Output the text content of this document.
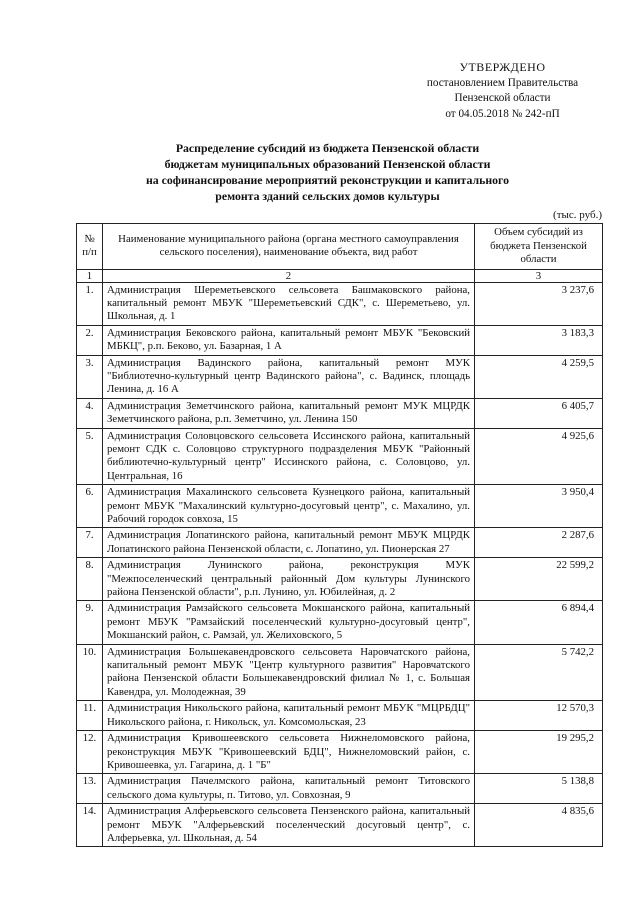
УТВЕРЖДЕНО
постановлением Правительства
Пензенской области
от 04.05.2018 № 242-пП
Распределение субсидий из бюджета Пензенской области
бюджетам муниципальных образований Пензенской области
на софинансирование мероприятий реконструкции и капитального
ремонта зданий сельских домов культуры
(тыс. руб.)
№ п/п	Наименование муниципального района (органа местного самоуправления сельского поселения), наименование объекта, вид работ	Объем субсидий из бюджета Пензенской области
1	2	3
1.	Администрация Шереметьевского сельсовета Башмаковского района, капитальный ремонт МБУК "Шереметьевский СДК", с. Шереметьево, ул. Школьная, д. 1	3 237,6
2.	Администрация Бековского района, капитальный ремонт МБУК "Бековский МБКЦ", р.п. Беково, ул. Базарная, 1 А	3 183,3
3.	Администрация Вадинского района, капитальный ремонт МУК "Библиотечно-культурный центр Вадинского района", с. Вадинск, площадь Ленина, д. 16 А	4 259,5
4.	Администрация Земетчинского района, капитальный ремонт МУК МЦРДК Земетчинского района, р.п. Земетчино, ул. Ленина 150	6 405,7
5.	Администрация Соловцовского сельсовета Иссинского района, капитальный ремонт СДК с. Соловцово структурного подразделения МБУК "Районный библиютечно-культурный центр" Иссинского района, с. Соловцово, ул. Центральная, 16	4 925,6
6.	Администрация Махалинского сельсовета Кузнецкого района, капитальный ремонт МБУК "Махалинский культурно-досуговый центр", с. Махалино, ул. Рабочий городок совхоза, 15	3 950,4
7.	Администрация Лопатинского района, капитальный ремонт МБУК МЦРДК Лопатинского района Пензенской области, с. Лопатино, ул. Пионерская 27	2 287,6
8.	Администрация Лунинского района, реконструкция МУК "Межпоселенческий центральный районный Дом культуры Лунинского района Пензенской области", р.п. Лунино, ул. Юбилейная, д. 2	22 599,2
9.	Администрация Рамзайского сельсовета Мокшанского района, капитальный ремонт МБУК "Рамзайский поселенческий культурно-досуговый центр", Мокшанский район, с. Рамзай, ул. Желиховского, 5	6 894,4
10.	Администрация Большекавендровского сельсовета Наровчатского района, капитальный ремонт МБУК "Центр культурного развития" Наровчатского района Пензенской области Большекавендровский филиал № 1, с. Большая Кавендра, ул. Молодежная, 39	5 742,2
11.	Администрация Никольского района, капитальный ремонт МБУК "МЦРБДЦ" Никольского района, г. Никольск, ул. Комсомольская, 23	12 570,3
12.	Администрация Кривошеевского сельсовета Нижнеломовского района, реконструкция МБУК "Кривошеевский БДЦ", Нижнеломовский район, с. Кривошеевка, ул. Гагарина, д. 1 "Б"	19 295,2
13.	Администрация Пачелмского района, капитальный ремонт Титовского сельского дома культуры, п. Титово, ул. Совхозная, 9	5 138,8
14.	Администрация Алферьевского сельсовета Пензенского района, капитальный ремонт МБУК "Алферьевский поселенческий досуговый центр", с. Алферьевка, ул. Школьная, д. 54	4 835,6
